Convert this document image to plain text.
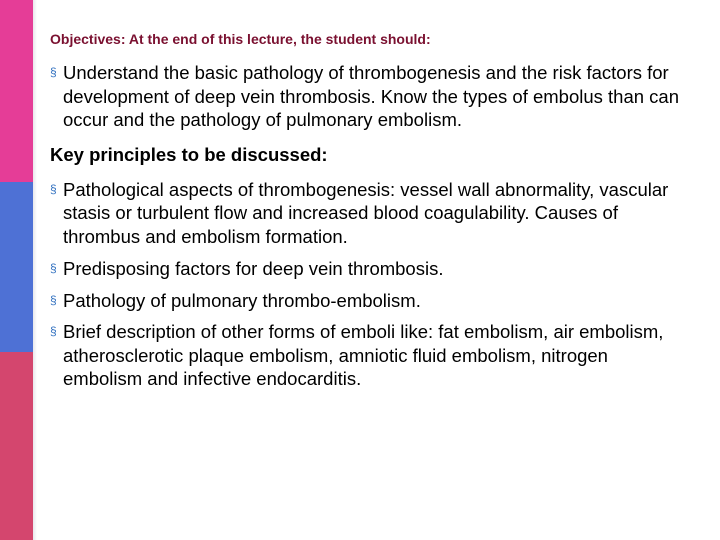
Objectives: At the end of this lecture, the student should:
§ Understand the basic pathology of thrombogenesis and the risk factors for development of deep vein thrombosis. Know the types of embolus than can occur and the pathology of pulmonary embolism.
Key principles to be discussed:
§ Pathological aspects of thrombogenesis: vessel wall abnormality, vascular stasis or turbulent flow and increased blood coagulability. Causes of thrombus and embolism formation.
§ Predisposing factors for deep vein thrombosis.
§ Pathology of pulmonary thrombo-embolism.
§ Brief description of other forms of emboli like: fat embolism, air embolism, atherosclerotic plaque embolism, amniotic fluid embolism, nitrogen embolism and infective endocarditis.
